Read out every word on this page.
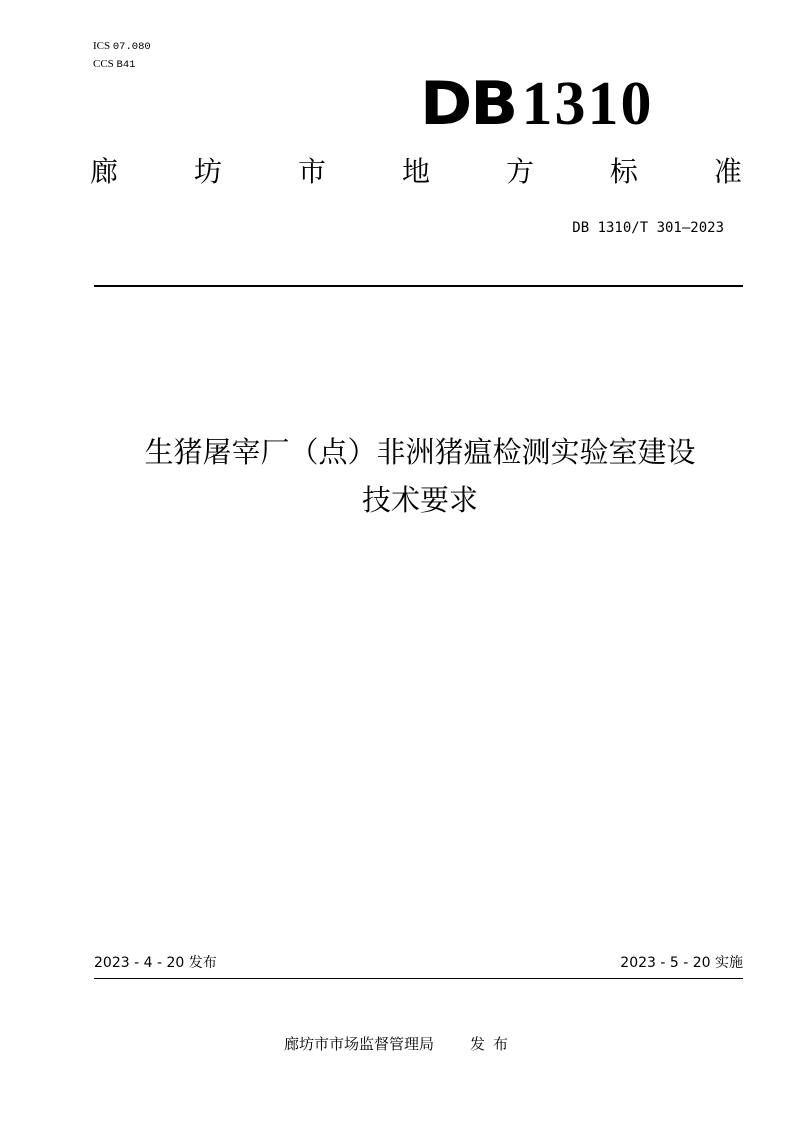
ICS 07.080
CCS B41
DB 1310
廊	坊	市	地	方	标	准
DB 1310/T 301—2023
生猪屠宰厂（点）非洲猪瘟检测实验室建设
技术要求
2023 - 4 - 20 发布	2023 - 5 - 20 实施
廊坊市市场监督管理局 发布
